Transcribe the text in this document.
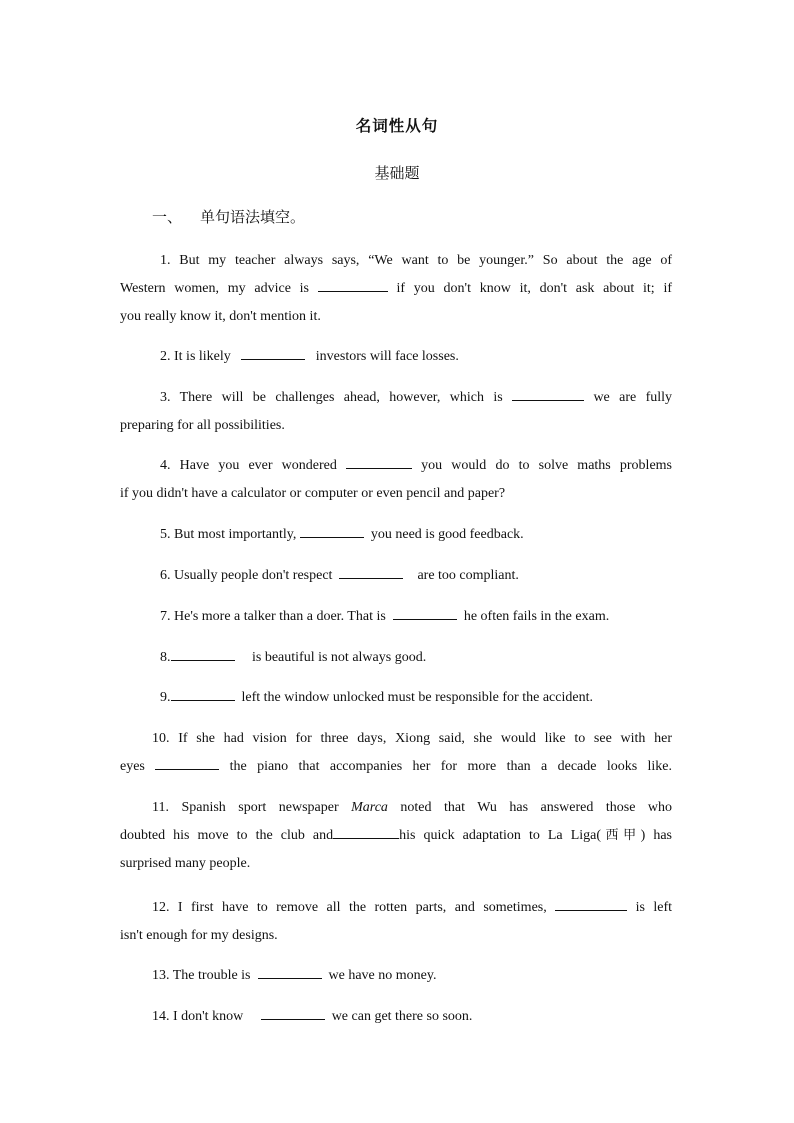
名词性从句
基础题
一、 单句语法填空。
1. But my teacher always says, “We want to be younger.” So about the age of
Western women, my advice is	if you don't know it, don't ask about it; if
you really know it, don't mention it.
2. It is likely	investors will face losses.
3. There will be challenges ahead, however, which is	we are fully
preparing for all possibilities.
4. Have you ever wondered	you would do to solve maths problems
if you didn't have a calculator or computer or even pencil and paper?
5. But most importantly,	you need is good feedback.
6. Usually people don't respect	are too compliant.
7. He's more a talker than a doer. That is	he often fails in the exam.
8.	is beautiful is not always good.
9.	left the window unlocked must be responsible for the accident.
10. If she had vision for three days, Xiong said, she would like to see with her
eyes	the piano that accompanies her for more than a decade looks like.
11. Spanish sport newspaper Marca noted that Wu has answered those who
doubted his move to the club and	his quick adaptation to La Liga(西甲) has
surprised many people.
12. I first have to remove all the rotten parts, and sometimes,	is left
isn't enough for my designs.
13. The trouble is	we have no money.
14. I don't know	we can get there so soon.
